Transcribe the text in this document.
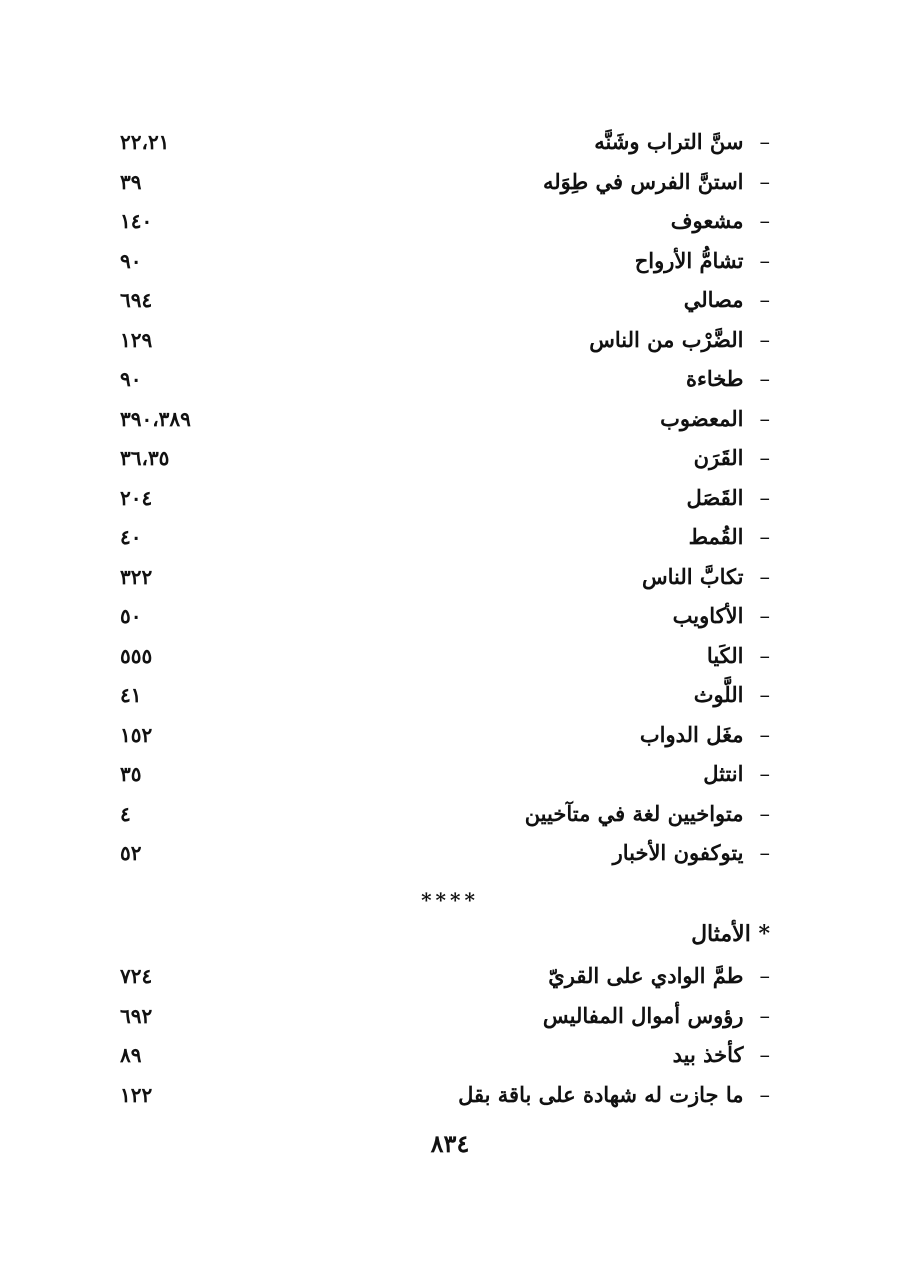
–سنَّ التراب وشَنَّه
٢٢،٢١
–استنَّ الفرس في طِوَله
٣٩
–مشعوف
١٤٠
–تشامُّ الأرواح
٩٠
–مصالي
٦٩٤
–الضَّرْب من الناس
١٢٩
–طخاءة
٩٠
–المعضوب
٣٩٠،٣٨٩
–القَرَن
٣٦،٣٥
–القَصَل
٢٠٤
–القُمط
٤٠
–تكابَّ الناس
٣٢٢
–الأكاويب
٥٠
–الكَيا
٥٥٥
–اللَّوث
٤١
–مغَل الدواب
١٥٢
–انتثل
٣٥
–متواخيين لغة في متآخيين
٤
–يتوكفون الأخبار
٥٢
****
* الأمثال
–طمَّ الوادي على القريّ
٧٢٤
–رؤوس أموال المفاليس
٦٩٢
–كأخذ بيد
٨٩
–ما جازت له شهادة على باقة بقل
١٢٢
٨٣٤
